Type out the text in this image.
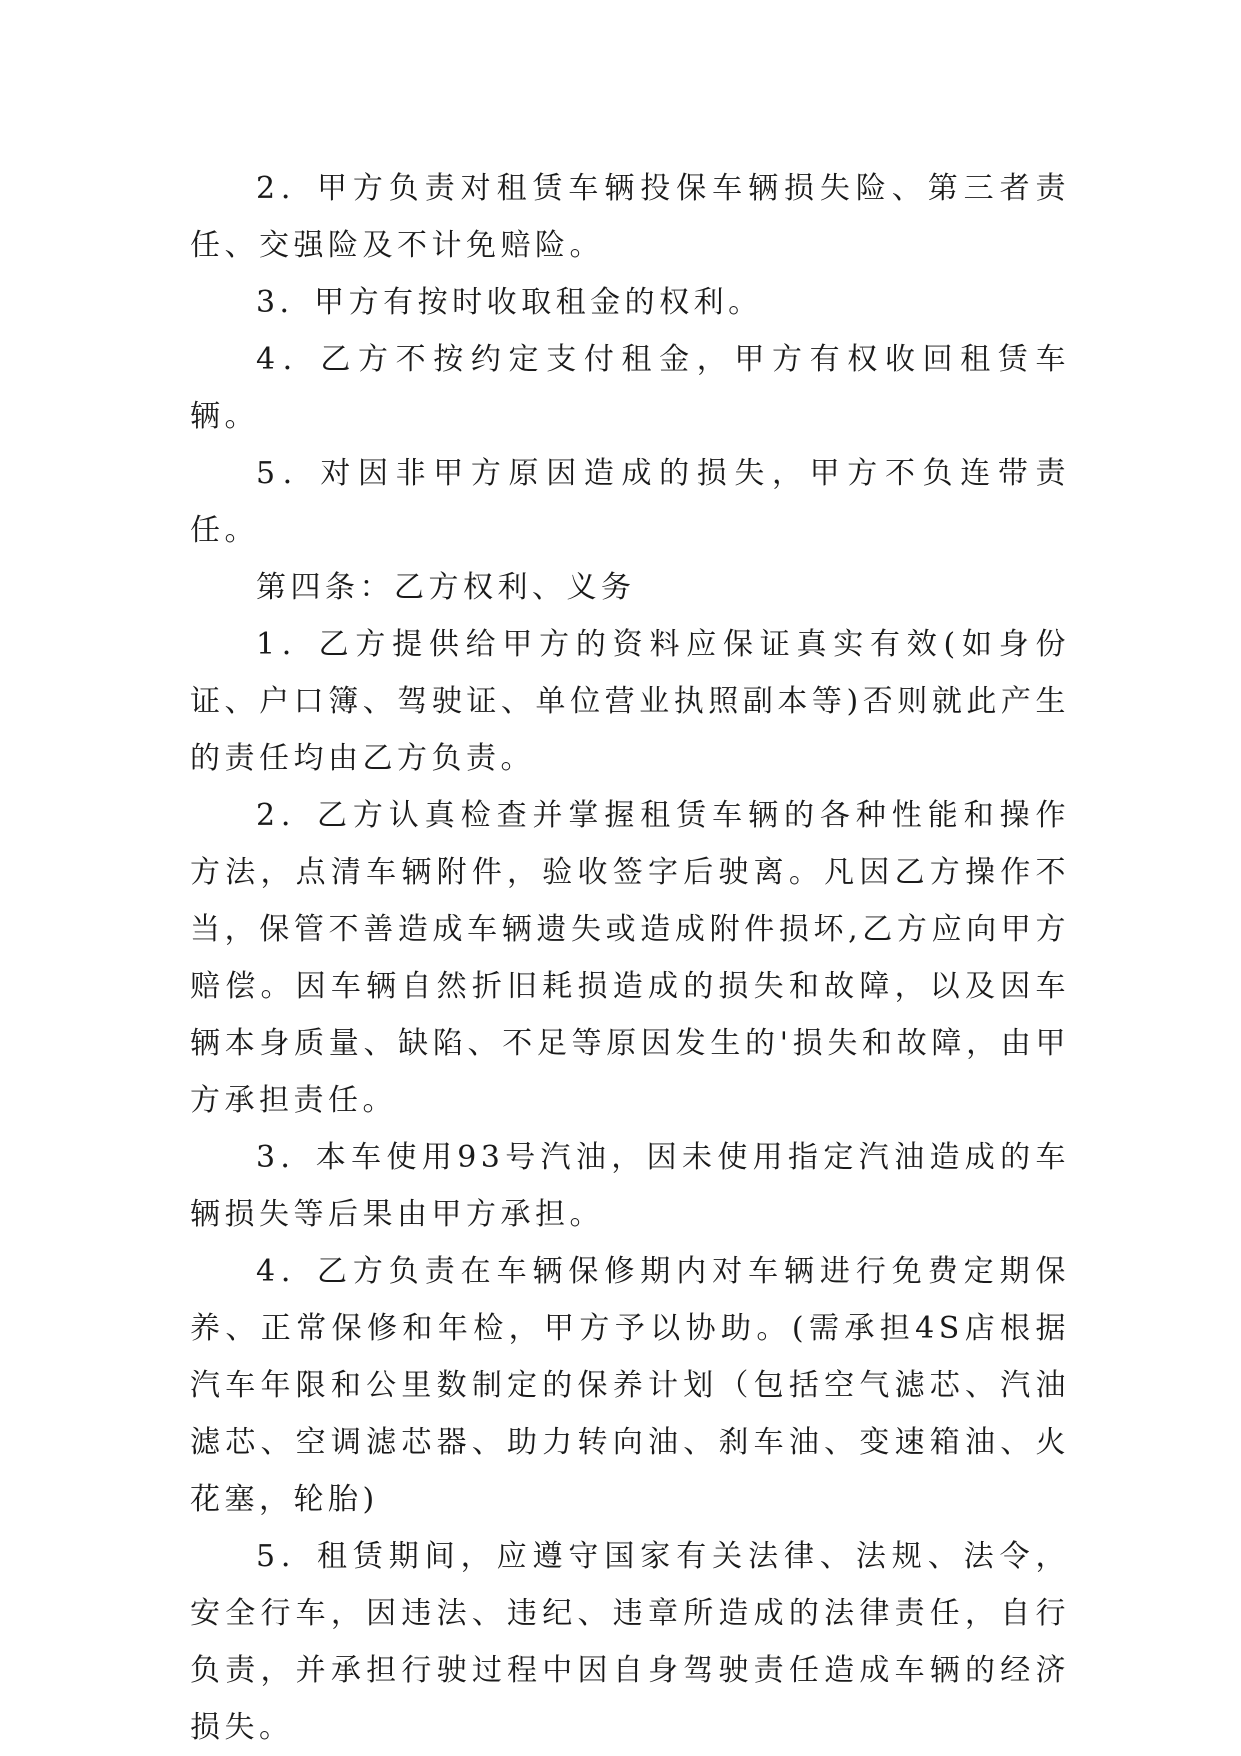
2．甲方负责对租赁车辆投保车辆损失险、第三者责任、交强险及不计免赔险。

3．甲方有按时收取租金的权利。

4．乙方不按约定支付租金，甲方有权收回租赁车辆。

5．对因非甲方原因造成的损失，甲方不负连带责任。

第四条：乙方权利、义务

1．乙方提供给甲方的资料应保证真实有效(如身份证、户口簿、驾驶证、单位营业执照副本等)否则就此产生的责任均由乙方负责。

2．乙方认真检查并掌握租赁车辆的各种性能和操作方法，点清车辆附件，验收签字后驶离。凡因乙方操作不当，保管不善造成车辆遗失或造成附件损坏,乙方应向甲方赔偿。因车辆自然折旧耗损造成的损失和故障，以及因车辆本身质量、缺陷、不足等原因发生的'损失和故障，由甲方承担责任。

3．本车使用93号汽油，因未使用指定汽油造成的车辆损失等后果由甲方承担。

4．乙方负责在车辆保修期内对车辆进行免费定期保养、正常保修和年检，甲方予以协助。(需承担4S店根据汽车年限和公里数制定的保养计划（包括空气滤芯、汽油滤芯、空调滤芯器、助力转向油、刹车油、变速箱油、火花塞，轮胎)

5．租赁期间，应遵守国家有关法律、法规、法令，安全行车，因违法、违纪、违章所造成的法律责任，自行负责，并承担行驶过程中因自身驾驶责任造成车辆的经济损失。
